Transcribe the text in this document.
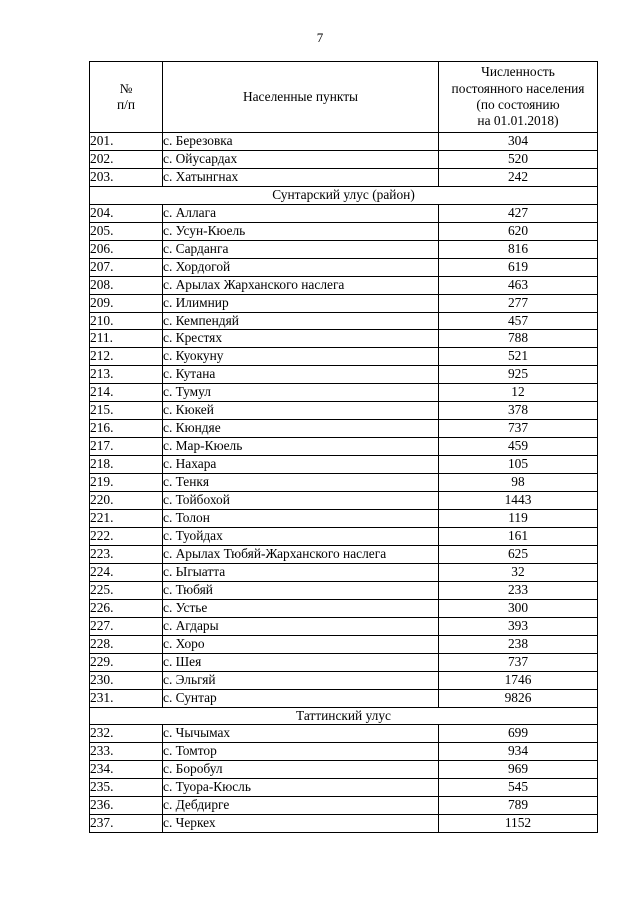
7
№
п/п	Населенные пункты	Численность
постоянного населения
(по состоянию
на 01.01.2018)

201.	с. Березовка	304
202.	с. Ойусардах	520
203.	с. Хатынгнах	242
Сунтарский улус (район)		
204.	с. Аллага	427
205.	с. Усун-Кюель	620
206.	с. Сарданга	816
207.	с. Хордогой	619
208.	с. Арылах Жарханского наслега	463
209.	с. Илимнир	277
210.	с. Кемпендяй	457
211.	с. Крестях	788
212.	с. Куокуну	521
213.	с. Кутана	925
214.	с. Тумул	12
215.	с. Кюкей	378
216.	с. Кюндяе	737
217.	с. Мар-Кюель	459
218.	с. Нахара	105
219.	с. Тенкя	98
220.	с. Тойбохой	1443
221.	с. Толон	119
222.	с. Туойдах	161
223.	с. Арылах Тюбяй-Жарханского наслега	625
224.	с. Ыгыатта	32
225.	с. Тюбяй	233
226.	с. Устье	300
227.	с. Агдары	393
228.	с. Хоро	238
229.	с. Шея	737
230.	с. Эльгяй	1746
231.	с. Сунтар	9826
Таттинский улус		
232.	с. Чычымах	699
233.	с. Томтор	934
234.	с. Боробул	969
235.	с. Туора-Кюсль	545
236.	с. Дебдирге	789
237.	с. Черкех	1152
